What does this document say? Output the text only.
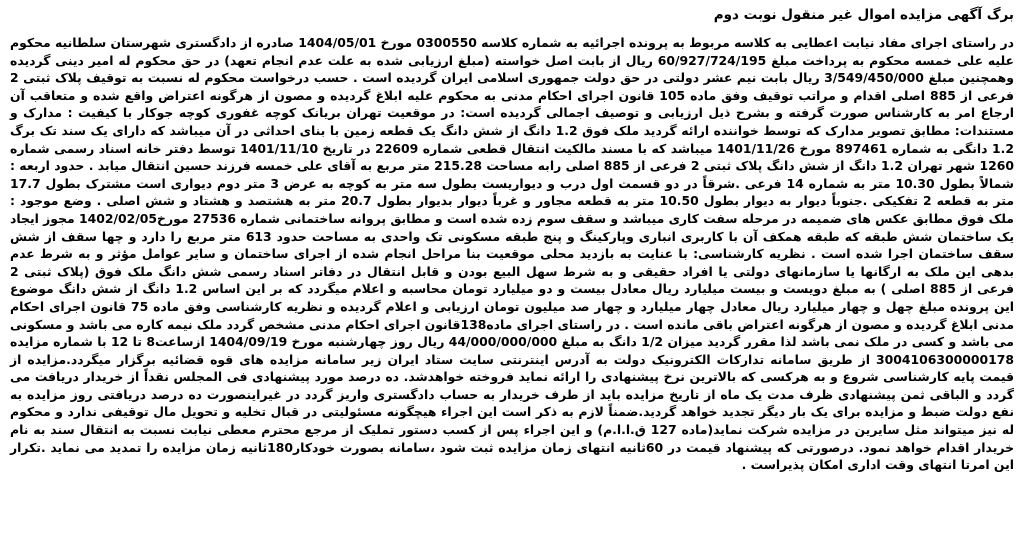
برگ آگهی مزایده اموال غیر منقول نوبت دوم

در راستای اجرای مفاد نیابت اعطایی به کلاسه مربوط به پرونده اجرائیه به شماره کلاسه 0300550 مورخ 1404/05/01 صادره از دادگستری شهرستان سلطانیه محکوم علیه علی خمسه محکوم به پرداخت مبلغ 60/927/724/195 ریال از بابت اصل خواسته (مبلغ ارزیابی شده به علت عدم انجام تعهد) در حق محکوم له امیر دینی گردیده وهمچنین مبلغ 3/549/450/000 ریال بابت نیم عشر دولتی در حق دولت جمهوری اسلامی ایران گردیده است . حسب درخواست محکوم له نسبت به توقیف پلاک ثبتی 2 فرعی از 885 اصلی اقدام و مراتب توقیف وفق ماده 105 قانون اجرای احکام مدنی به محکوم علیه ابلاغ گردیده و مصون از هرگونه اعتراض واقع شده و متعاقب آن ارجاع امر به کارشناس صورت گرفته و بشرح ذیل ارزیابی و توصیف اجمالی گردیده است: در موقعیت تهران بریانک کوچه غفوری کوچه جوکار با کیفیت : مدارک و مستندات: مطابق تصویر مدارک که توسط خواننده ارائه گردید ملک فوق 1.2 دانگ از شش دانگ یک قطعه زمین با بنای احداثی در آن میباشد که دارای یک سند تک برگ 1.2 دانگی به شماره 897461 مورخ 1401/11/26 میباشد که با مسند مالکیت انتقال قطعی شماره 22609 در تاریخ 1401/11/10 توسط دفتر خانه اسناد رسمی شماره 1260 شهر تهران 1.2 دانگ از شش دانگ پلاک ثبتی 2 فرعی از 885 اصلی رابه مساحت 215.28 متر مربع به آقای علی خمسه فرزند حسین انتقال میابد . حدود اربعه : شمالاً بطول 10.30 متر به شماره 14 فرعی .شرقاً در دو قسمت اول درب و دیواریست بطول سه متر به کوچه به عرض 3 متر دوم دیواری است مشترک بطول 17.7 متر به قطعه 2 تفکیکی .جنوباً دیوار به دیوار بطول 10.50 متر به قطعه مجاور و غرباً دیوار بدیوار بطول 20.7 متر به هشتصد و هشتاد و شش اصلی . وضع موجود : ملک فوق مطابق عکس های ضمیمه در مرحله سفت کاری میباشد و سقف سوم زده شده است و مطابق پروانه ساختمانی شماره 27536 مورخ1402/02/05 مجوز ایجاد یک ساختمان شش طبقه که طبقه همکف آن با کاربری انباری وپارکینگ و پنج طبقه مسکونی تک واحدی به مساحت حدود 613 متر مربع را دارد و چها سقف از شش سقف ساختمان اجرا شده است . نظریه کارشناسی: با عنایت به بازدید محلی موقعیت بنا مراحل انجام شده از اجرای ساختمان و سایر عوامل مؤثر و به شرط عدم بدهی این ملک به ارگانها یا سازمانهای دولتی یا افراد حقیقی و به شرط سهل البیع بودن و قابل انتقال در دفاتر اسناد رسمی شش دانگ ملک فوق (پلاک ثبتی 2 فرعی از 885 اصلی ) به مبلغ دویست و بیست میلیارد ریال معادل بیست و دو میلیارد تومان محاسبه و اعلام میگردد که بر این اساس 1.2 دانگ از شش دانگ موضوع این پرونده مبلغ چهل و چهار میلیارد ریال معادل چهار میلیارد و چهار صد میلیون تومان ارزیابی و اعلام گردیده و نظریه کارشناسی وفق ماده 75 قانون اجرای احکام مدنی ابلاغ گردیده و مصون از هرگونه اعتراض باقی مانده است . در راستای اجرای ماده138قانون اجرای احکام مدنی مشخص گردد ملک نیمه کاره می باشد و مسکونی می باشد و کسی در ملک نمی باشد لذا مقرر گردید میزان 1/2 دانگ به مبلغ 44/000/000/000 ریال روز چهارشنبه مورخ 1404/09/19 ازساعت8 تا 12 با شماره مزایده 3004106300000178 از طریق سامانه تدارکات الکترونیک دولت به آدرس اینترنتی سایت ستاد ایران زیر سامانه مزایده های قوه قضائیه برگزار میگردد.مزایده از قیمت پایه کارشناسی شروع و به هرکسی که بالاترین نرخ پیشنهادی را ارائه نماید فروخته خواهدشد. ده درصد مورد پیشنهادی فی المجلس نقداً از خریدار دریافت می گردد و الباقی ثمن پیشنهادی ظرف مدت یک ماه از تاریخ مزایده باید از طرف خریدار به حساب دادگستری واریز گردد در غیراینصورت ده درصد دریافتی روز مزایده به نفع دولت ضبط و مزایده برای یک بار دیگر تجدید خواهد گردید.ضمناً لازم به ذکر است این اجراء هیچگونه مسئولیتی در قبال تخلیه و تحویل مال توقیفی ندارد و محکوم له نیز میتواند مثل سایرین در مزایده شرکت نماید(ماده 127 ق.ا.ا.م) و این اجراء پس از کسب دستور تملیک از مرجع محترم معطی نیابت نسبت به انتقال سند به نام خریدار اقدام خواهد نمود. درصورتی که پیشنهاد قیمت در 60ثانیه انتهای زمان مزایده ثبت شود ،سامانه بصورت خودکار180ثانیه زمان مزایده را تمدید می نماید .تکرار این امرتا انتهای وقت اداری امکان پذیراست .
